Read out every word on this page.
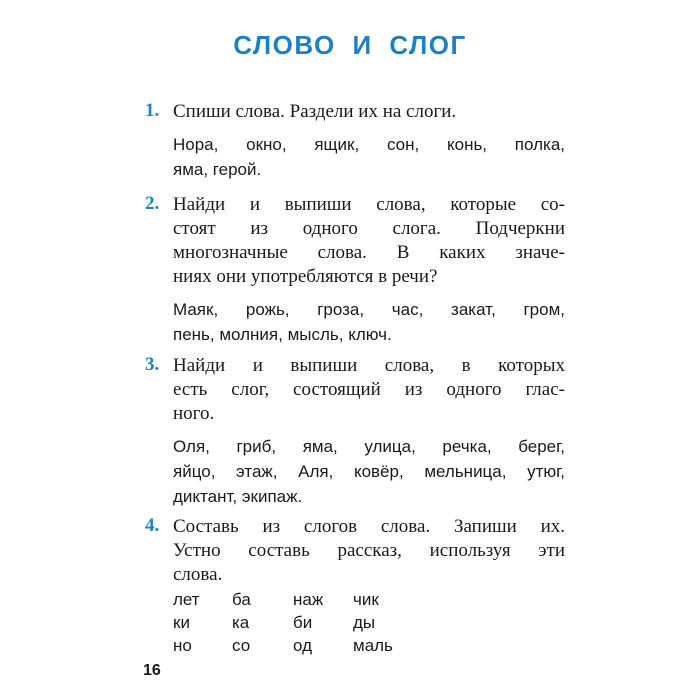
СЛОВО И СЛОГ
1. Спиши слова. Раздели их на слоги.
Нора, окно, ящик, сон, конь, полка,
яма, герой.
2. Найди и выпиши слова, которые со-
стоят из одного слога. Подчеркни
многозначные слова. В каких значе-
ниях они употребляются в речи?
Маяк, рожь, гроза, час, закат, гром,
пень, молния, мысль, ключ.
3. Найди и выпиши слова, в которых
есть слог, состоящий из одного глас-
ного.
Оля, гриб, яма, улица, речка, берег,
яйцо, этаж, Аля, ковёр, мельница, утюг,
диктант, экипаж.
4. Составь из слогов слова. Запиши их.
Устно составь рассказ, используя эти
слова.
лет ба наж чик
ки ка	би ды
но со	од маль
16
